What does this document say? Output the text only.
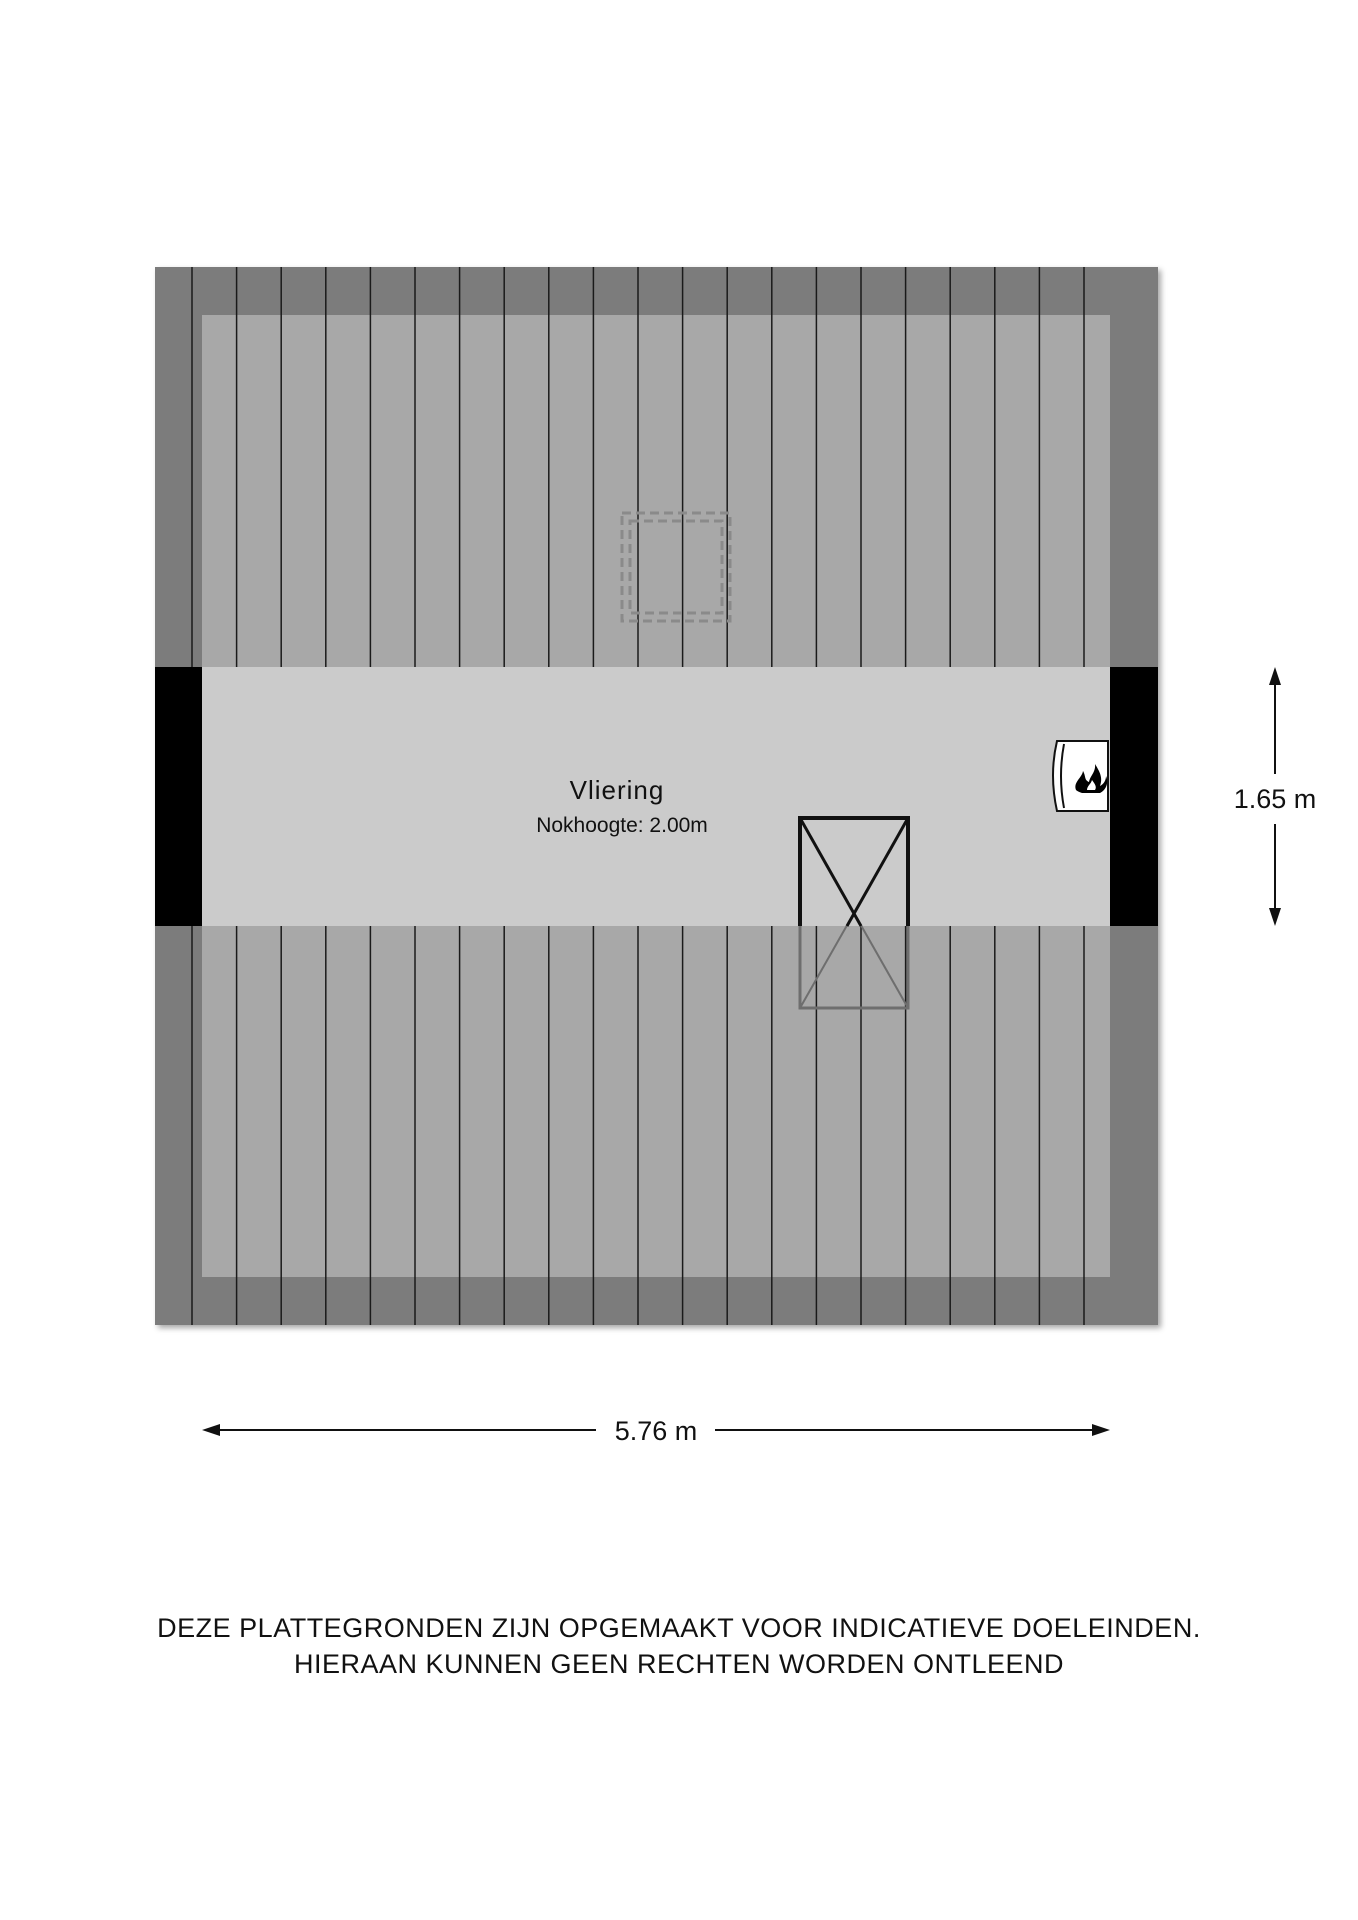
Vliering
Nokhoogte: 2.00m
1.65 m
5.76 m
DEZE PLATTEGRONDEN ZIJN OPGEMAAKT VOOR INDICATIEVE DOELEINDEN.
HIERAAN KUNNEN GEEN RECHTEN WORDEN ONTLEEND
